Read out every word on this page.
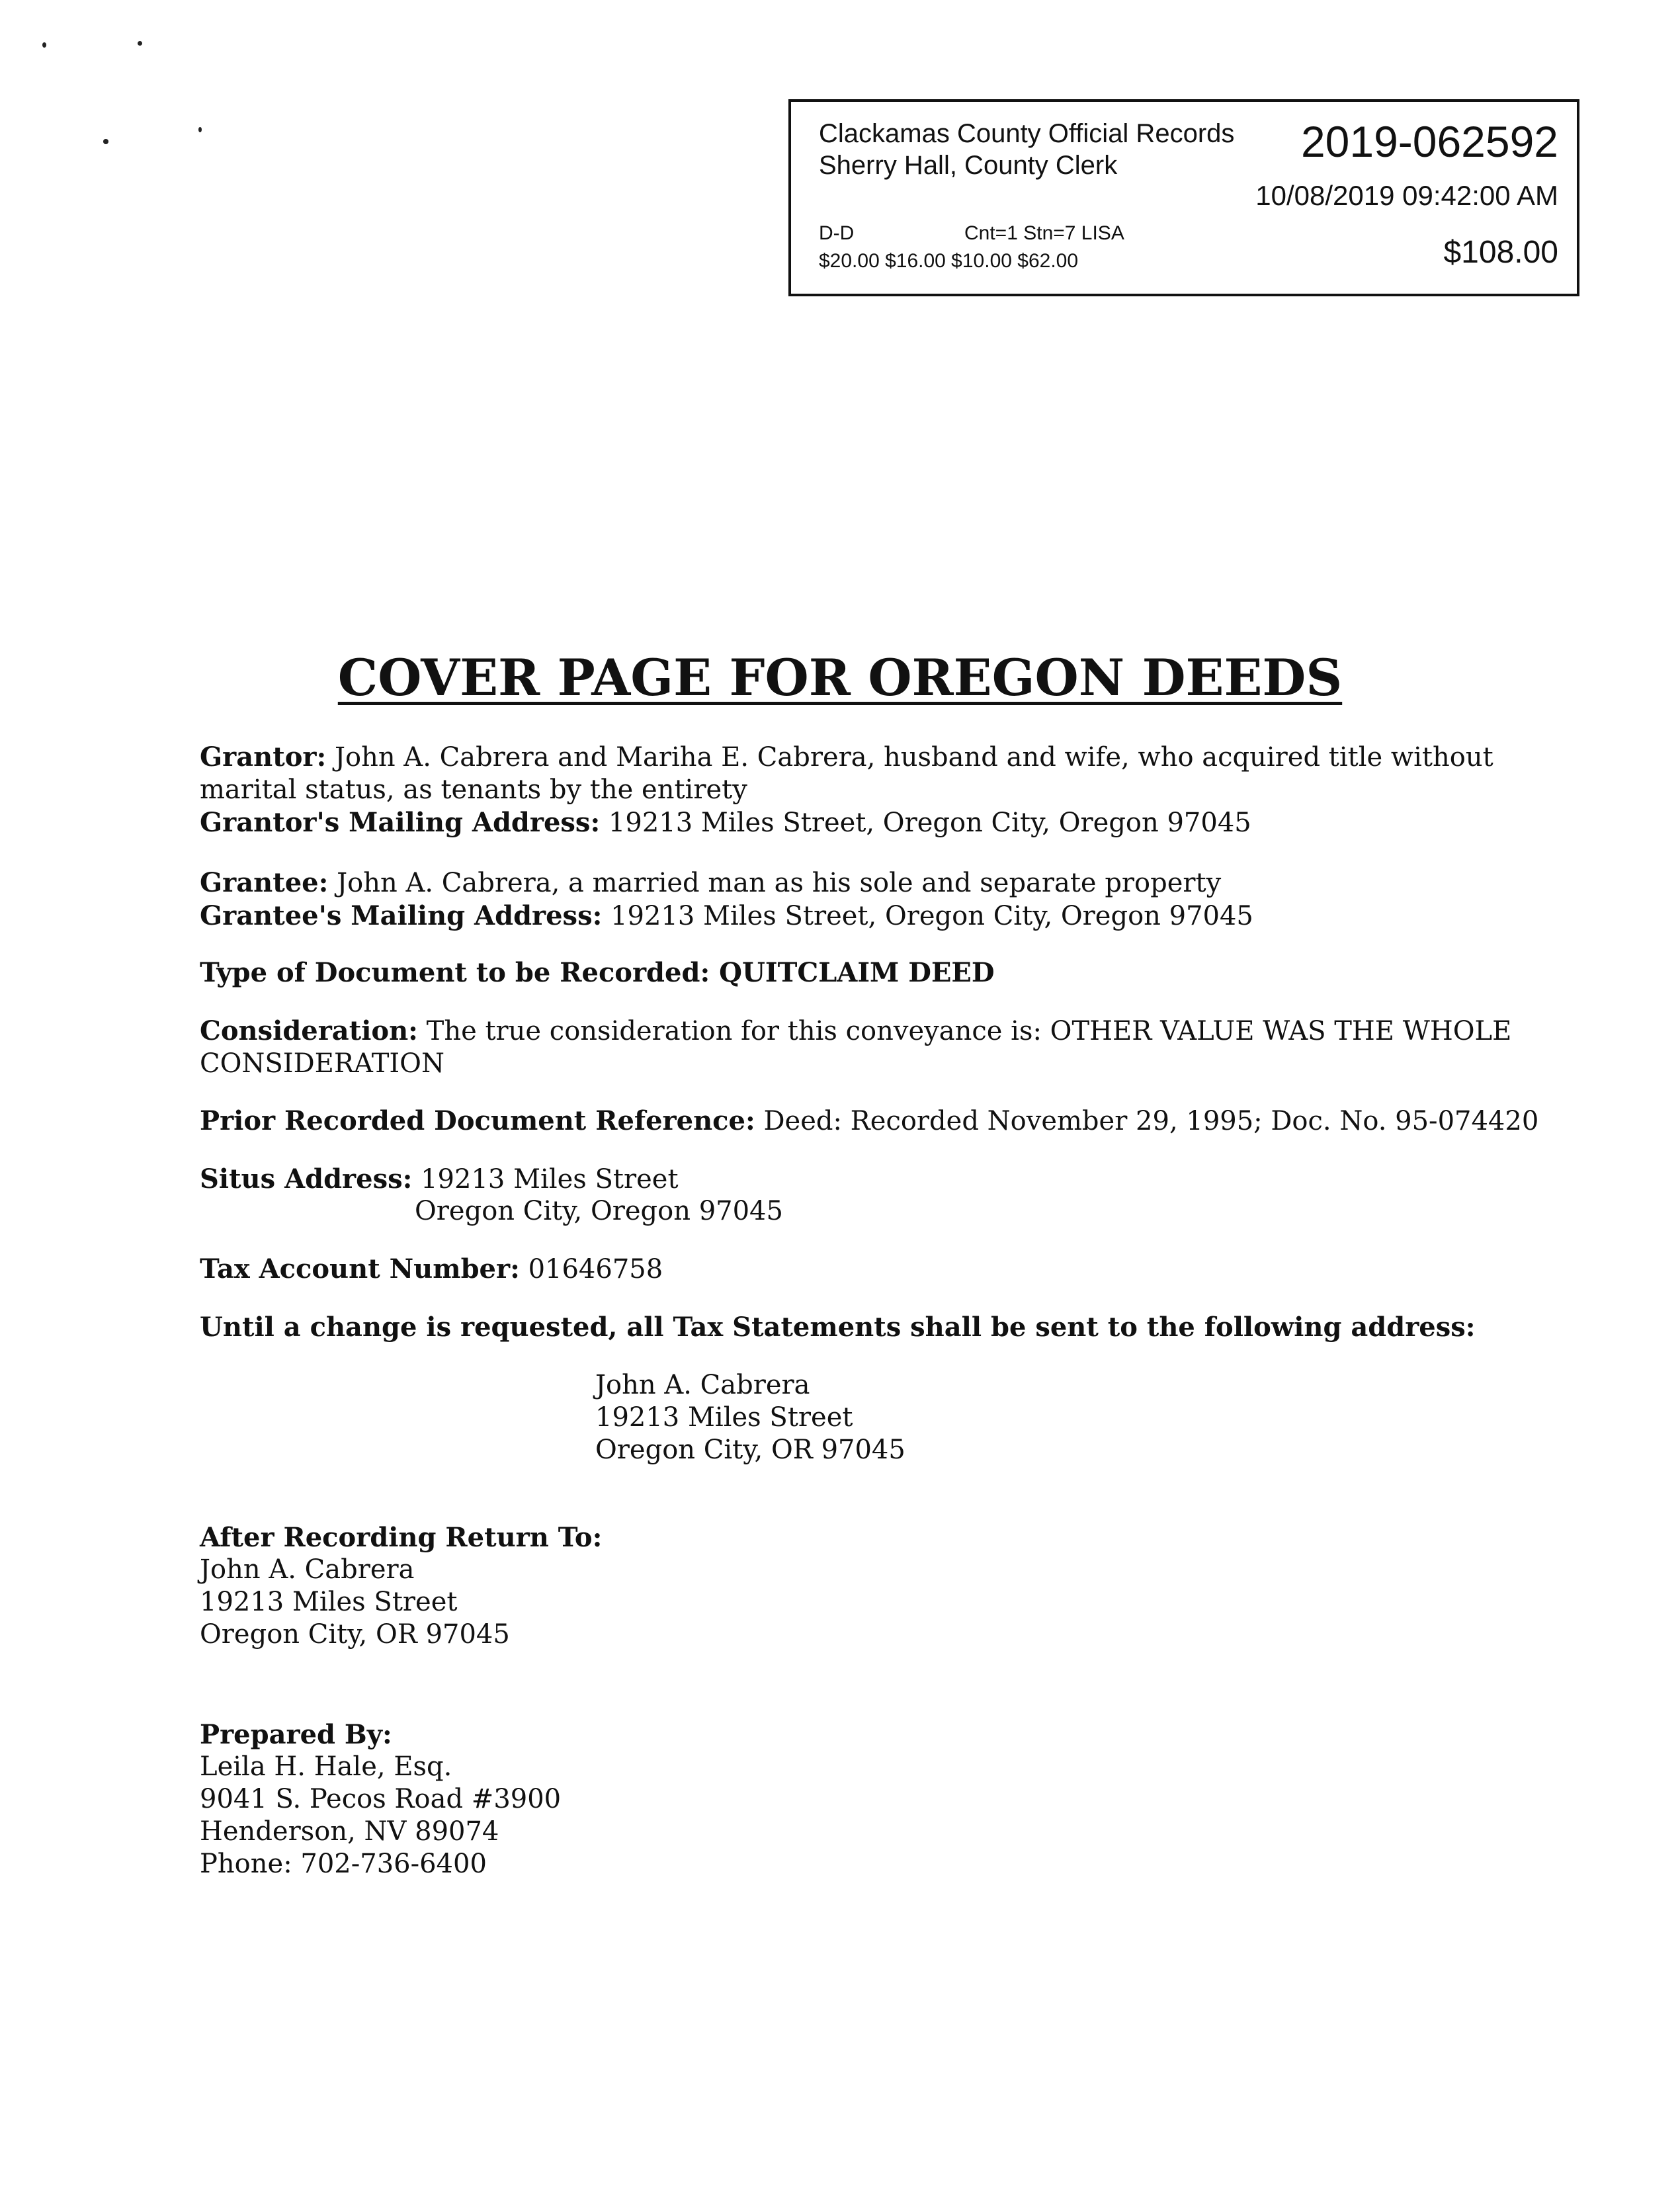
Clackamas County Official Records
Sherry Hall, County Clerk	2019-062592
10/08/2019 09:42:00 AM
D-D	Cnt=1 Stn=7 LISA
$20.00 $16.00 $10.00 $62.00	$108.00
COVER PAGE FOR OREGON DEEDS
Grantor: John A. Cabrera and Mariha E. Cabrera, husband and wife, who acquired title without
marital status, as tenants by the entirety
Grantor's Mailing Address: 19213 Miles Street, Oregon City, Oregon 97045
Grantee: John A. Cabrera, a married man as his sole and separate property
Grantee's Mailing Address: 19213 Miles Street, Oregon City, Oregon 97045
Type of Document to be Recorded: QUITCLAIM DEED
Consideration: The true consideration for this conveyance is: OTHER VALUE WAS THE WHOLE
CONSIDERATION
Prior Recorded Document Reference: Deed: Recorded November 29, 1995; Doc. No. 95-074420
Situs Address: 19213 Miles Street
Oregon City, Oregon 97045
Tax Account Number: 01646758
Until a change is requested, all Tax Statements shall be sent to the following address:
John A. Cabrera
19213 Miles Street
Oregon City, OR 97045
After Recording Return To:
John A. Cabrera
19213 Miles Street
Oregon City, OR 97045
Prepared By:
Leila H. Hale, Esq.
9041 S. Pecos Road #3900
Henderson, NV 89074
Phone: 702-736-6400
